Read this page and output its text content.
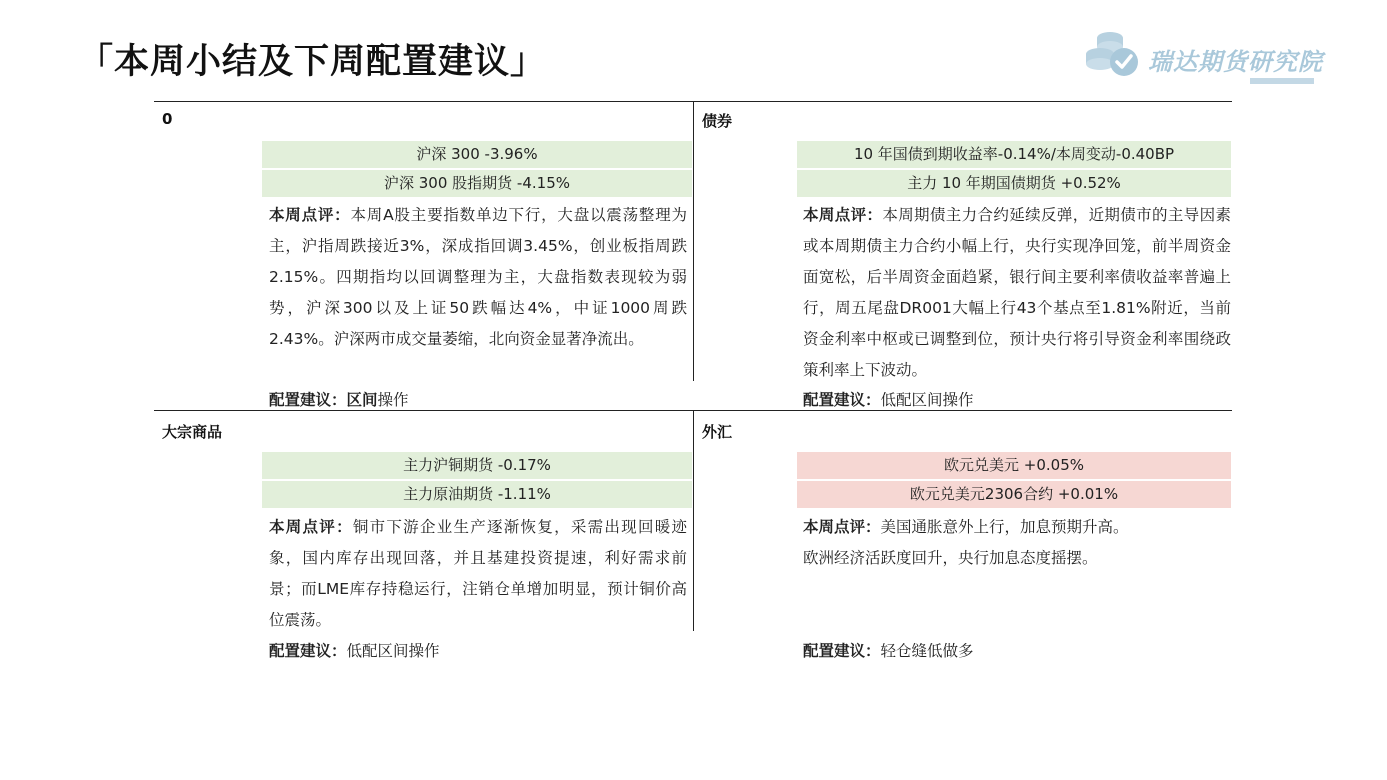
「本周小结及下周配置建议」	瑞达期货研究院
0
沪深 300 -3.96%
沪深 300 股指期货 -4.15%
本周点评：本周A股主要指数单边下行，大盘以震荡整理为主，沪指周跌接近3%，深成指回调3.45%，创业板指周跌2.15%。四期指均以回调整理为主，大盘指数表现较为弱势，沪深300以及上证50跌幅达4%，中证1000周跌2.43%。沪深两市成交量萎缩，北向资金显著净流出。
配置建议：区间操作
债券
10 年国债到期收益率-0.14%/本周变动-0.40BP
主力 10 年期国债期货 +0.52%
本周点评：本周期债主力合约延续反弹，近期债市的主导因素或本周期债主力合约小幅上行，央行实现净回笼，前半周资金面宽松，后半周资金面趋紧，银行间主要利率债收益率普遍上行，周五尾盘DR001大幅上行43个基点至1.81%附近，当前资金利率中枢或已调整到位，预计央行将引导资金利率围绕政策利率上下波动。
配置建议：低配区间操作
大宗商品
主力沪铜期货 -0.17%
主力原油期货 -1.11%
本周点评：铜市下游企业生产逐渐恢复，采需出现回暖迹象，国内库存出现回落，并且基建投资提速，利好需求前景；而LME库存持稳运行，注销仓单增加明显，预计铜价高位震荡。
配置建议：低配区间操作
外汇
欧元兑美元 +0.05%
欧元兑美元2306合约 +0.01%
本周点评：美国通胀意外上行，加息预期升高。
欧洲经济活跃度回升，央行加息态度摇摆。
配置建议：轻仓缝低做多
